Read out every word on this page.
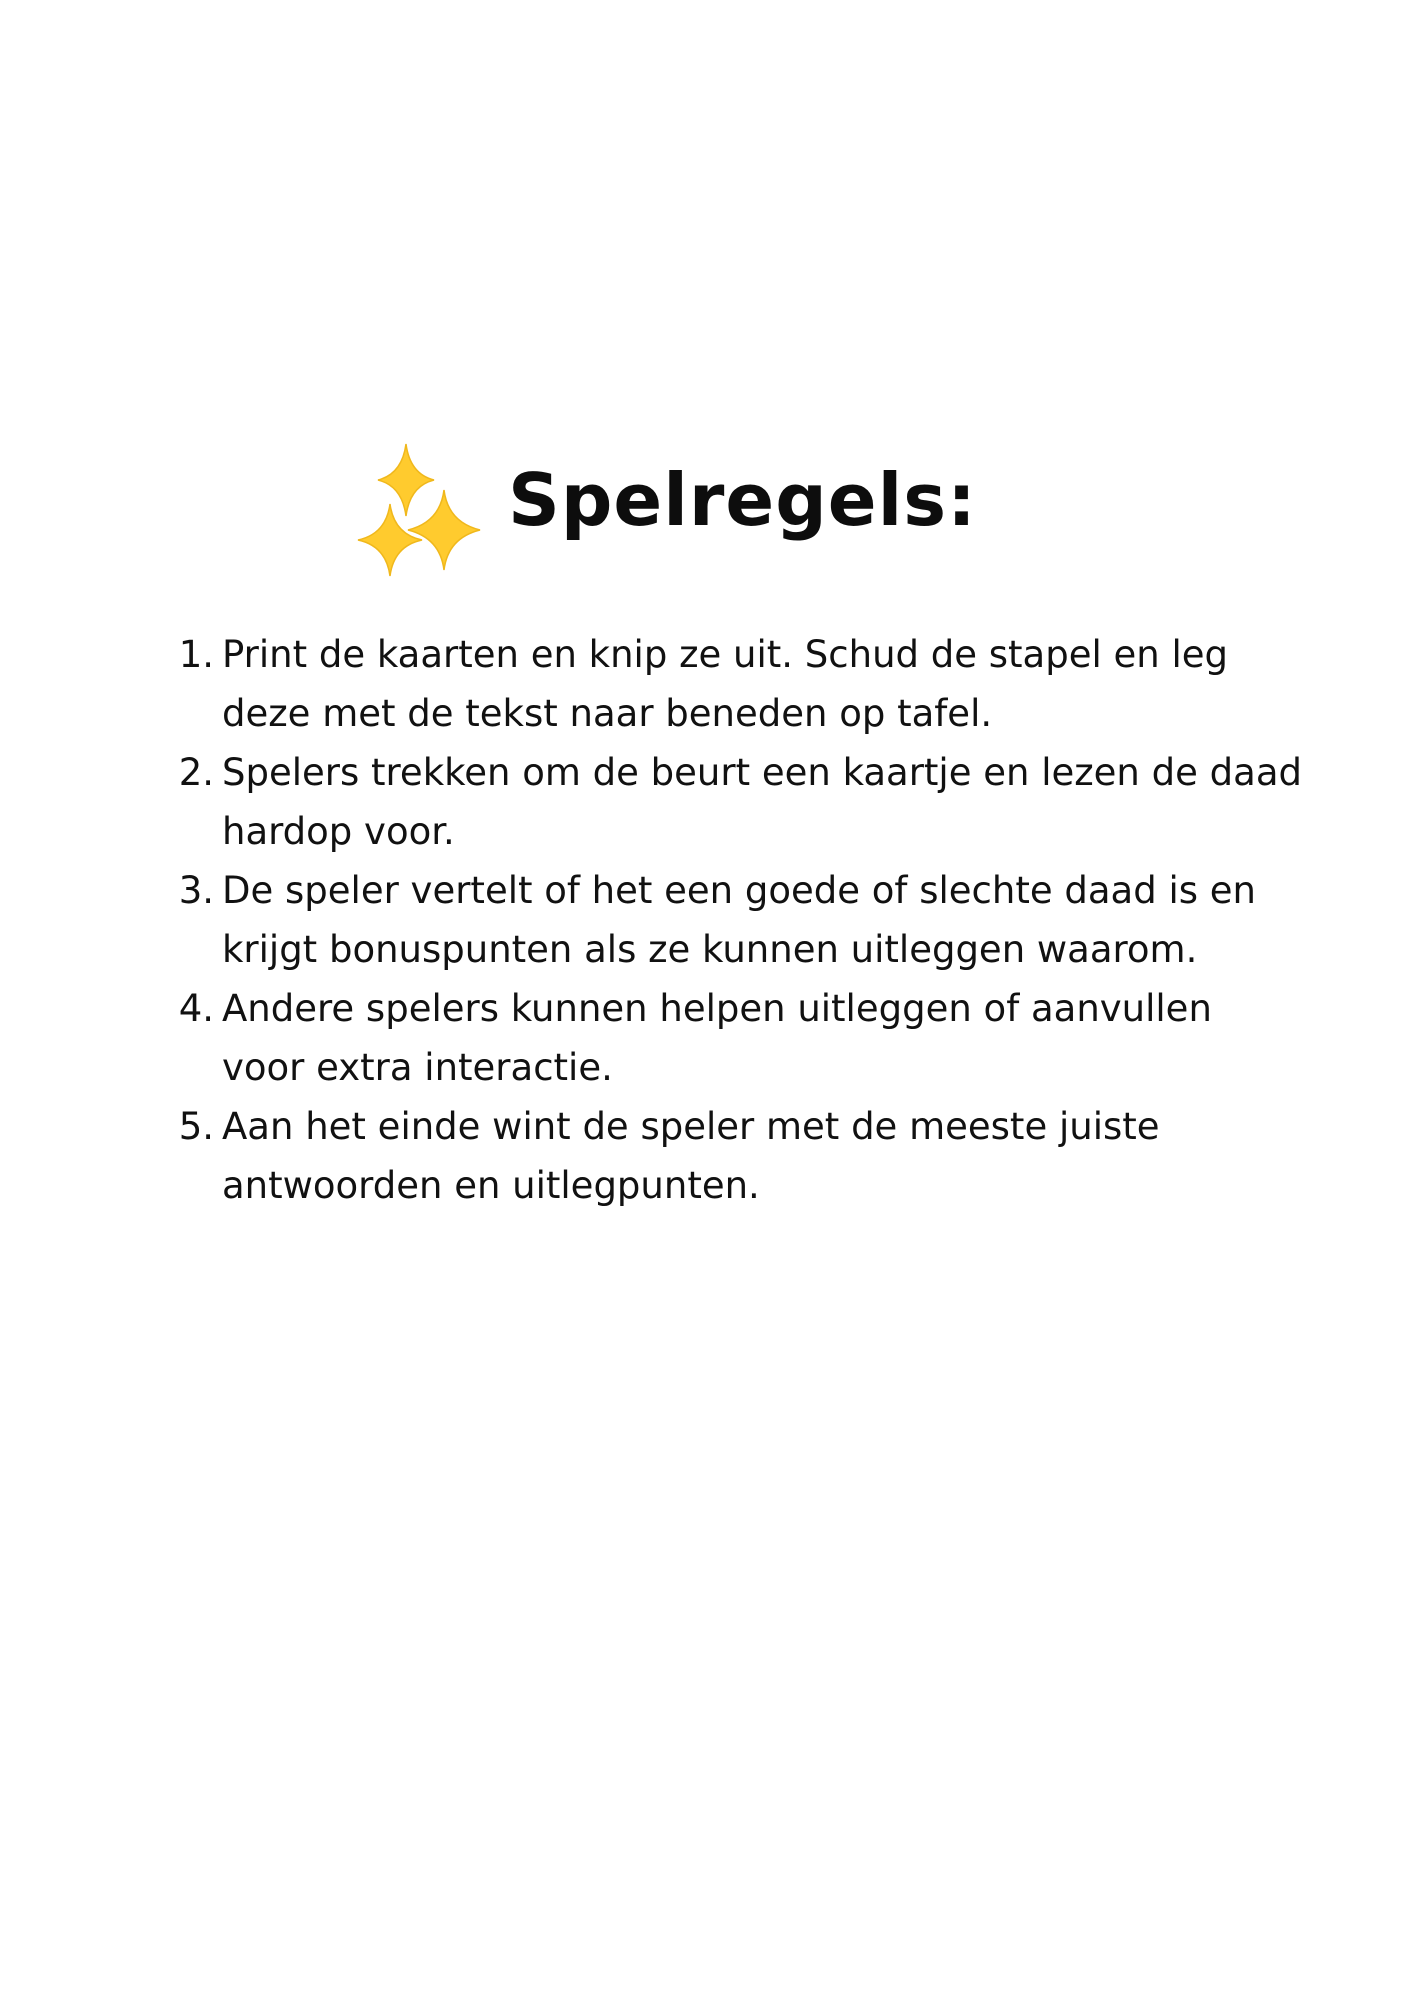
Spelregels:
1. Print de kaarten en knip ze uit. Schud de stapel en leg deze met de tekst naar beneden op tafel.
2. Spelers trekken om de beurt een kaartje en lezen de daad hardop voor.
3. De speler vertelt of het een goede of slechte daad is en krijgt bonuspunten als ze kunnen uitleggen waarom.
4. Andere spelers kunnen helpen uitleggen of aanvullen voor extra interactie.
5. Aan het einde wint de speler met de meeste juiste antwoorden en uitlegpunten.
